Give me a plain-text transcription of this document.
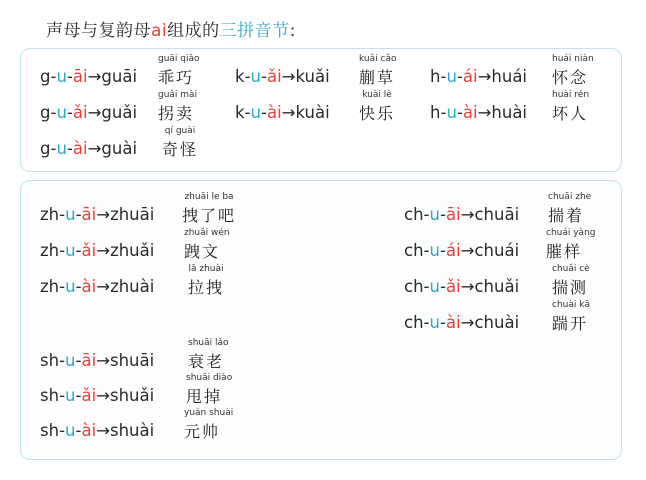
声母与复韵母ai组成的三拼音节:
g-u-āi→guāi
guāi qiǎo
乖巧	k-u-ǎi→kuǎi
kuǎi cǎo
蒯草 h-u-ái→huái
huái niàn
怀念
g-u-ǎi→guǎi
guǎi mài
拐卖 k-u-ài→kuài
kuài lè
快乐 h-u-ài→huài
huài rén
坏人
g-u-ài→guài
qí guài
奇怪
zh-u-āi→zhuāi
zhuāi le ba
拽了吧
zh-u-ǎi→zhuǎi
zhuǎi wén
跩文
zh-u-ài→zhuài
lā zhuài
拉拽
ch-u-āi→chuāi
chuāi zhe
揣着
ch-u-ái→chuái
chuái yàng
膗样
ch-u-ǎi→chuǎi
chuǎi cè
揣测
ch-u-ài→chuài
chuài kā
踹开
sh-u-āi→shuāi
shuāi lǎo
衰老
sh-u-ǎi→shuǎi
shuǎi diào
甩掉
sh-u-ài→shuài
yuán shuài
元帅
